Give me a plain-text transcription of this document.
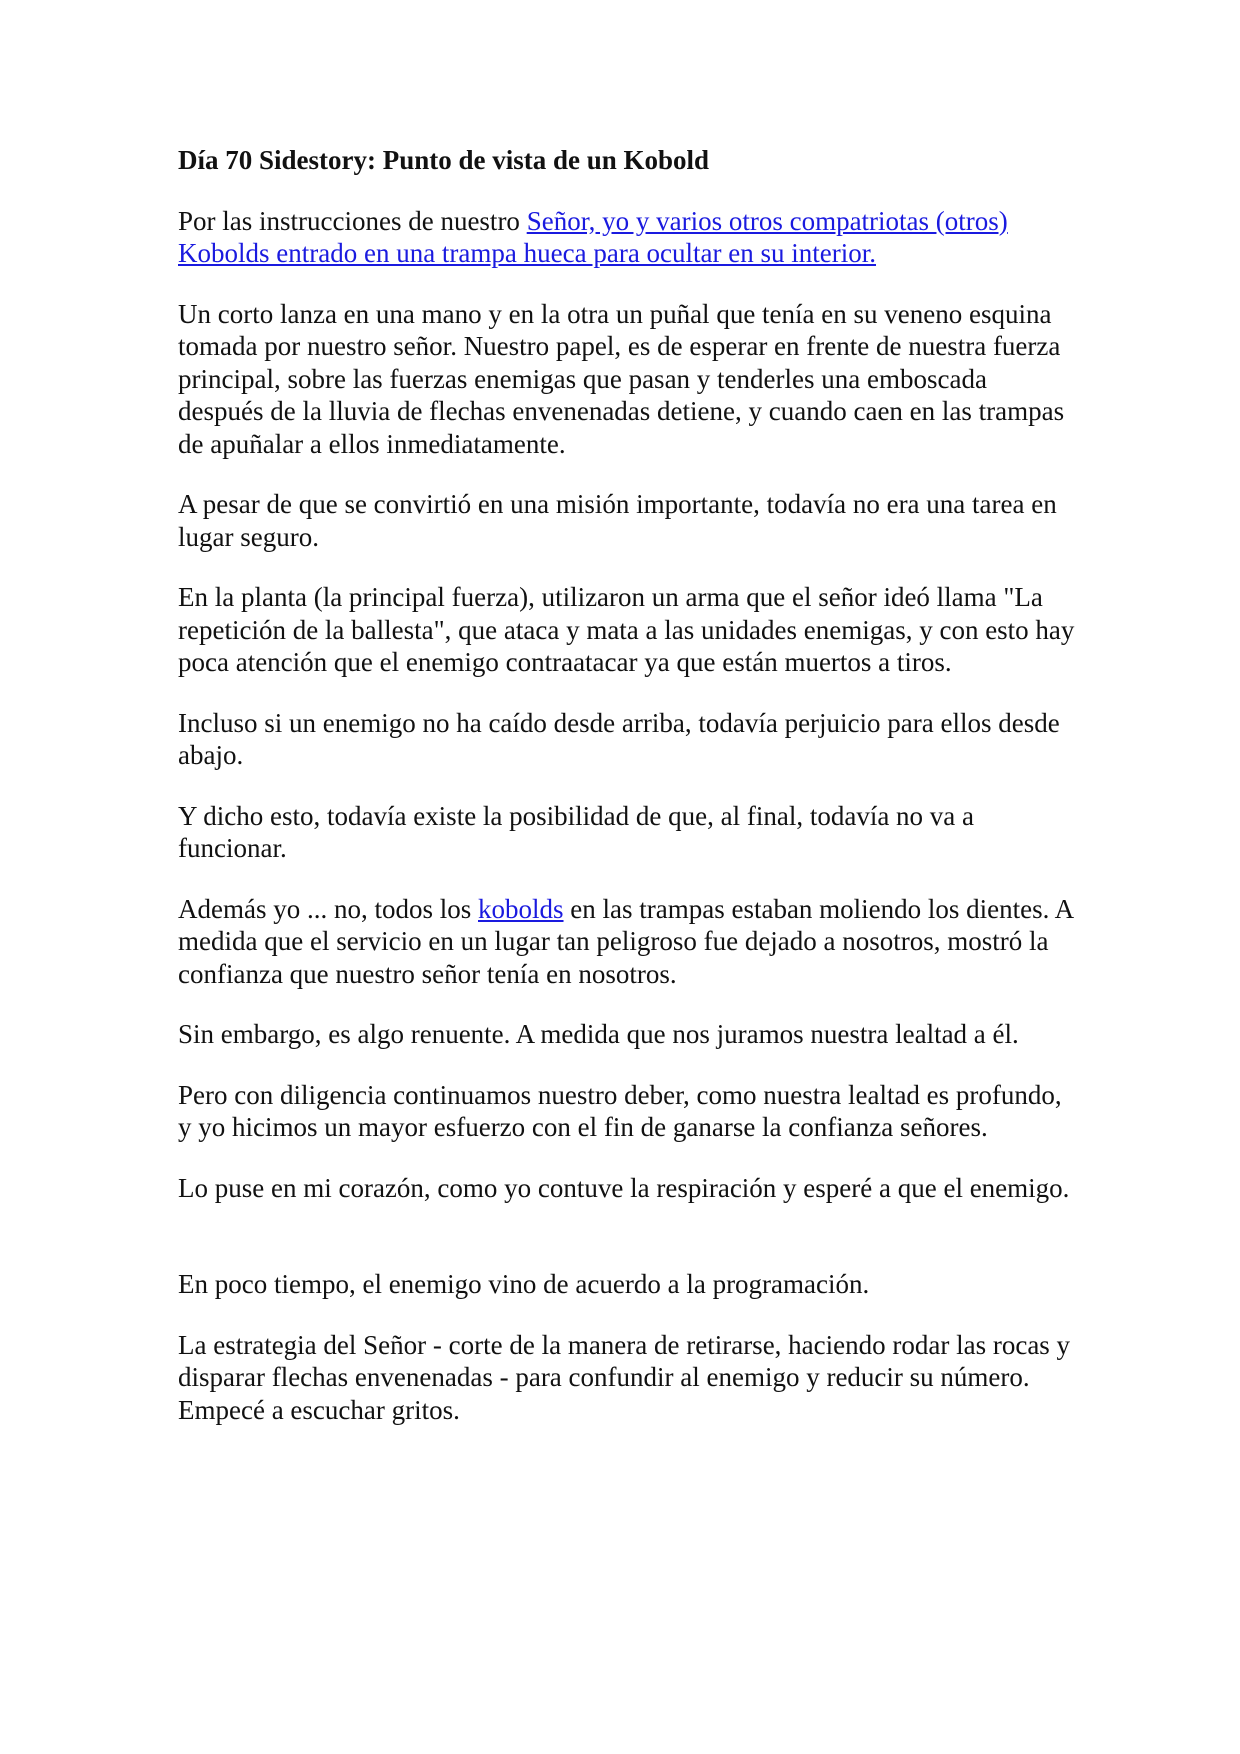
Día 70 Sidestory: Punto de vista de un Kobold

Por las instrucciones de nuestro Señor, yo y varios otros compatriotas (otros) Kobolds entrado en una trampa hueca para ocultar en su interior.

Un corto lanza en una mano y en la otra un puñal que tenía en su veneno esquina tomada por nuestro señor. Nuestro papel, es de esperar en frente de nuestra fuerza principal, sobre las fuerzas enemigas que pasan y tenderles una emboscada después de la lluvia de flechas envenenadas detiene, y cuando caen en las trampas de apuñalar a ellos inmediatamente.

A pesar de que se convirtió en una misión importante, todavía no era una tarea en lugar seguro.

En la planta (la principal fuerza), utilizaron un arma que el señor ideó llama "La repetición de la ballesta", que ataca y mata a las unidades enemigas, y con esto hay poca atención que el enemigo contraatacar ya que están muertos a tiros.

Incluso si un enemigo no ha caído desde arriba, todavía perjuicio para ellos desde abajo.

Y dicho esto, todavía existe la posibilidad de que, al final, todavía no va a funcionar.

Además yo ... no, todos los kobolds en las trampas estaban moliendo los dientes. A medida que el servicio en un lugar tan peligroso fue dejado a nosotros, mostró la confianza que nuestro señor tenía en nosotros.

Sin embargo, es algo renuente. A medida que nos juramos nuestra lealtad a él.

Pero con diligencia continuamos nuestro deber, como nuestra lealtad es profundo, y yo hicimos un mayor esfuerzo con el fin de ganarse la confianza señores.

Lo puse en mi corazón, como yo contuve la respiración y esperé a que el enemigo.

En poco tiempo, el enemigo vino de acuerdo a la programación.

La estrategia del Señor - corte de la manera de retirarse, haciendo rodar las rocas y disparar flechas envenenadas - para confundir al enemigo y reducir su número. Empecé a escuchar gritos.
